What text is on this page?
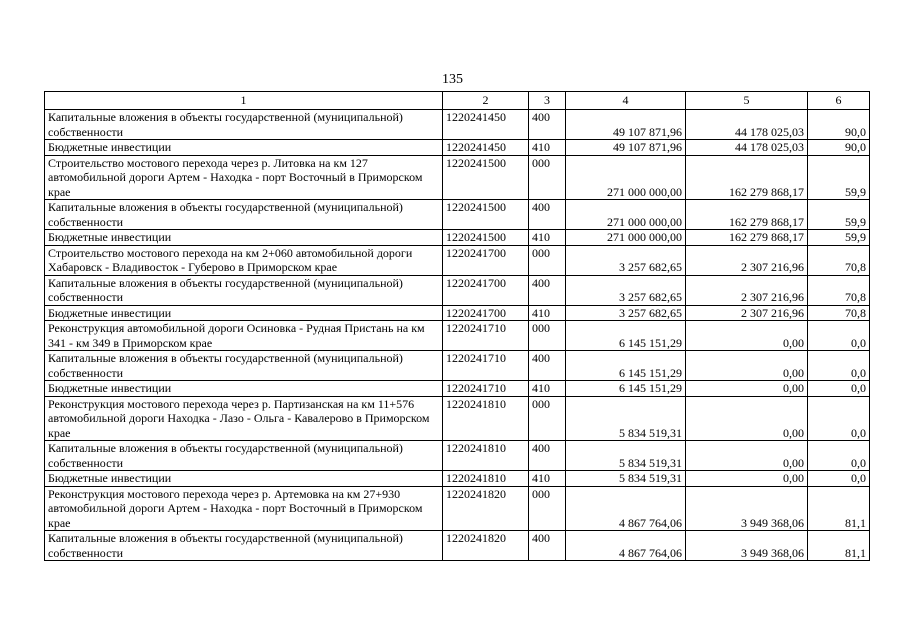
135
1	2	3	4	5	6
Капитальные вложения в объекты государственной (муниципальной) собственности	1220241450	400	49 107 871,96	44 178 025,03	90,0
Бюджетные инвестиции	1220241450	410	49 107 871,96	44 178 025,03	90,0
Строительство мостового перехода через р. Литовка на км 127 автомобильной дороги Артем - Находка - порт Восточный в Приморском крае	1220241500	000	271 000 000,00	162 279 868,17	59,9
Капитальные вложения в объекты государственной (муниципальной) собственности	1220241500	400	271 000 000,00	162 279 868,17	59,9
Бюджетные инвестиции	1220241500	410	271 000 000,00	162 279 868,17	59,9
Строительство мостового перехода на км 2+060 автомобильной дороги Хабаровск - Владивосток - Губерово в Приморском крае	1220241700	000	3 257 682,65	2 307 216,96	70,8
Капитальные вложения в объекты государственной (муниципальной) собственности	1220241700	400	3 257 682,65	2 307 216,96	70,8
Бюджетные инвестиции	1220241700	410	3 257 682,65	2 307 216,96	70,8
Реконструкция автомобильной дороги Осиновка - Рудная Пристань на км 341 - км 349 в Приморском крае	1220241710	000	6 145 151,29	0,00	0,0
Капитальные вложения в объекты государственной (муниципальной) собственности	1220241710	400	6 145 151,29	0,00	0,0
Бюджетные инвестиции	1220241710	410	6 145 151,29	0,00	0,0
Реконструкция мостового перехода через р. Партизанская на км 11+576 автомобильной дороги Находка - Лазо - Ольга - Кавалерово в Приморском крае	1220241810	000	5 834 519,31	0,00	0,0
Капитальные вложения в объекты государственной (муниципальной) собственности	1220241810	400	5 834 519,31	0,00	0,0
Бюджетные инвестиции	1220241810	410	5 834 519,31	0,00	0,0
Реконструкция мостового перехода через р. Артемовка на км 27+930 автомобильной дороги Артем - Находка - порт Восточный в Приморском крае	1220241820	000	4 867 764,06	3 949 368,06	81,1
Капитальные вложения в объекты государственной (муниципальной) собственности	1220241820	400	4 867 764,06	3 949 368,06	81,1
